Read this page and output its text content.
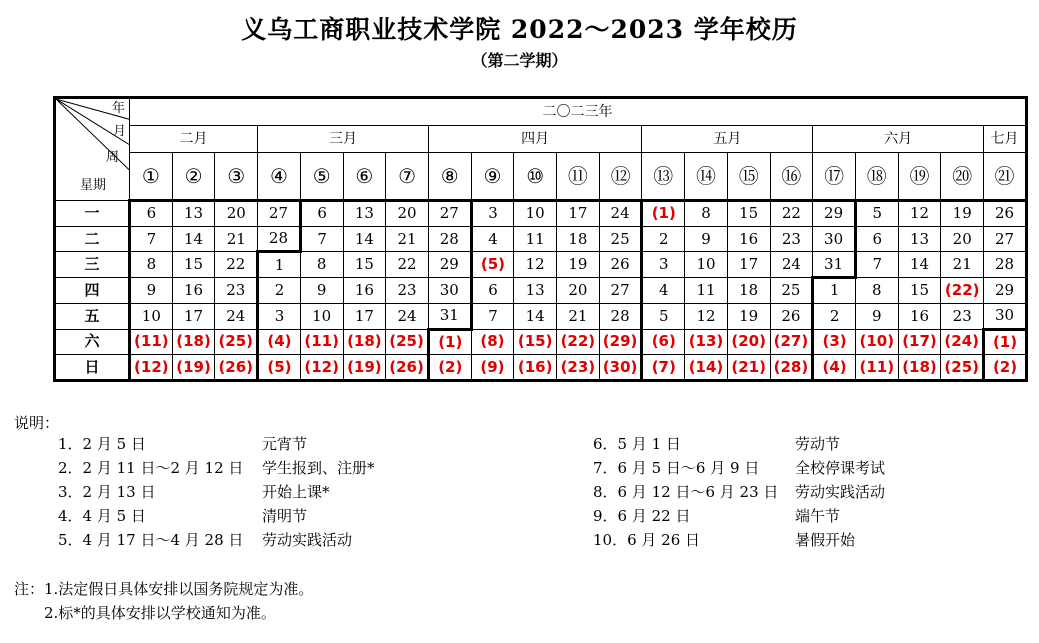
义乌工商职业技术学院 2022～2023 学年校历
（第二学期）
年
月
周
星期	二〇二三年																				
	二月			三月				四月					五月				六月				七月
	①	②	③	④	⑤	⑥	⑦	⑧	⑨	⑩	⑪	⑫	⑬	⑭	⑮	⑯	⑰	⑱	⑲	⑳	㉑
一	6	13	20	27	6	13	20	27	3	10	17	24	(1)	8	15	22	29	5	12	19	26
二	7	14	21	28	7	14	21	28	4	11	18	25	2	9	16	23	30	6	13	20	27
三	8	15	22	1	8	15	22	29	(5)	12	19	26	3	10	17	24	31	7	14	21	28
四	9	16	23	2	9	16	23	30	6	13	20	27	4	11	18	25	1	8	15	(22)	29
五	10	17	24	3	10	17	24	31	7	14	21	28	5	12	19	26	2	9	16	23	30
六	(11)	(18)	(25)	(4)	(11)	(18)	(25)	(1)	(8)	(15)	(22)	(29)	(6)	(13)	(20)	(27)	(3)	(10)	(17)	(24)	(1)
日	(12)	(19)	(26)	(5)	(12)	(19)	(26)	(2)	(9)	(16)	(23)	(30)	(7)	(14)	(21)	(28)	(4)	(11)	(18)	(25)	(2)
说明：
1．2 月 5 日	元宵节
2．2 月 11 日～2 月 12 日 学生报到、注册*
3．2 月 13 日	开始上课*
4．4 月 5 日	清明节
5．4 月 17 日～4 月 28 日 劳动实践活动
6．5 月 1 日	劳动节
7．6 月 5 日～6 月 9 日 全校停课考试
8．6 月 12 日～6 月 23 日 劳动实践活动
9．6 月 22 日	端午节
10．6 月 26 日	暑假开始
注：1.法定假日具体安排以国务院规定为准。
2.标*的具体安排以学校通知为准。
